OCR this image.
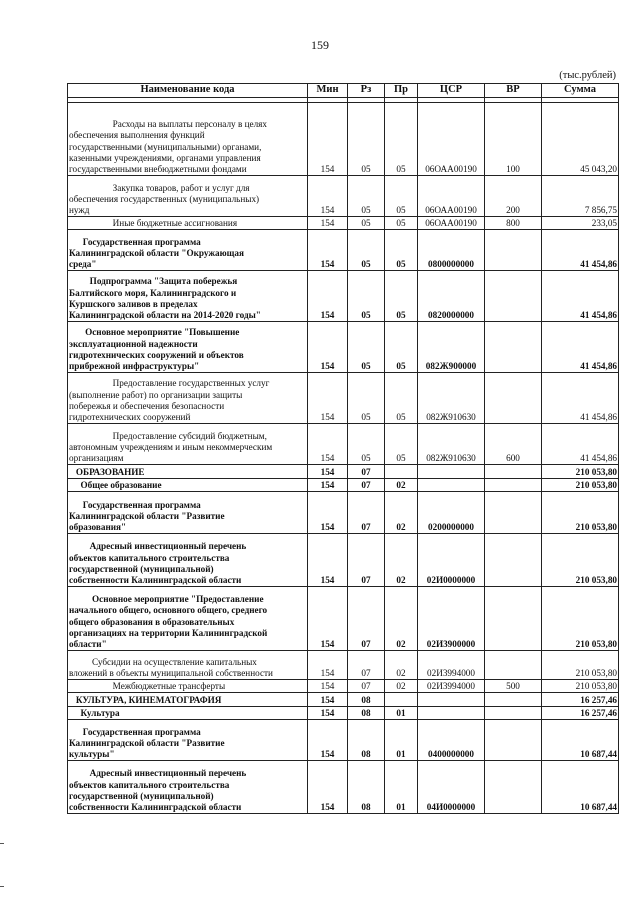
159
(тыс.рублей)
Наименование кода	Мин	Рз	Пр	ЦСР	ВР	Сумма

Расходы на выплаты персоналу в целях
обеспечения выполнения функций
государственными (муниципальными) органами,
казенными учреждениями, органами управления
государственными внебюджетными фондами	154	05	05	06ОАА00190	100	45 043,20
Закупка товаров, работ и услуг для
обеспечения государственных (муниципальных)
нужд	154	05	05	06ОАА00190	200	7 856,75
Иные бюджетные ассигнования	154	05	05	06ОАА00190	800	233,05
Государственная программа
Калининградской области "Окружающая
среда"	154	05	05	0800000000		41 454,86
Подпрограмма "Защита побережья
Балтийского моря, Калининградского и
Куршского заливов в пределах
Калининградской области на 2014-2020 годы"	154	05	05	0820000000		41 454,86
Основное мероприятие "Повышение
эксплуатационной надежности
гидротехнических сооружений и объектов
прибрежной инфраструктуры"	154	05	05	082Ж900000		41 454,86
Предоставление государственных услуг
(выполнение работ) по организации защиты
побережья и обеспечения безопасности
гидротехнических сооружений	154	05	05	082Ж910630		41 454,86
Предоставление субсидий бюджетным,
автономным учреждениям и иным некоммерческим
организациям	154	05	05	082Ж910630	600	41 454,86
ОБРАЗОВАНИЕ	154	07				210 053,80
Общее образование	154	07	02			210 053,80
Государственная программа
Калининградской области "Развитие
образования"	154	07	02	0200000000		210 053,80
Адресный инвестиционный перечень
объектов капитального строительства
государственной (муниципальной)
собственности Калининградской области	154	07	02	02И0000000		210 053,80
Основное мероприятие "Предоставление
начального общего, основного общего, среднего
общего образования в образовательных
организациях на территории Калининградской
области"	154	07	02	02И3900000		210 053,80
Субсидии на осуществление капитальных
вложений в объекты муниципальной собственности	154	07	02	02И3994000		210 053,80
Межбюджетные трансферты	154	07	02	02И3994000	500	210 053,80
КУЛЬТУРА, КИНЕМАТОГРАФИЯ	154	08				16 257,46
Культура	154	08	01			16 257,46
Государственная программа
Калининградской области "Развитие
культуры"	154	08	01	0400000000		10 687,44
Адресный инвестиционный перечень
объектов капитального строительства
государственной (муниципальной)
собственности Калининградской области	154	08	01	04И0000000		10 687,44
